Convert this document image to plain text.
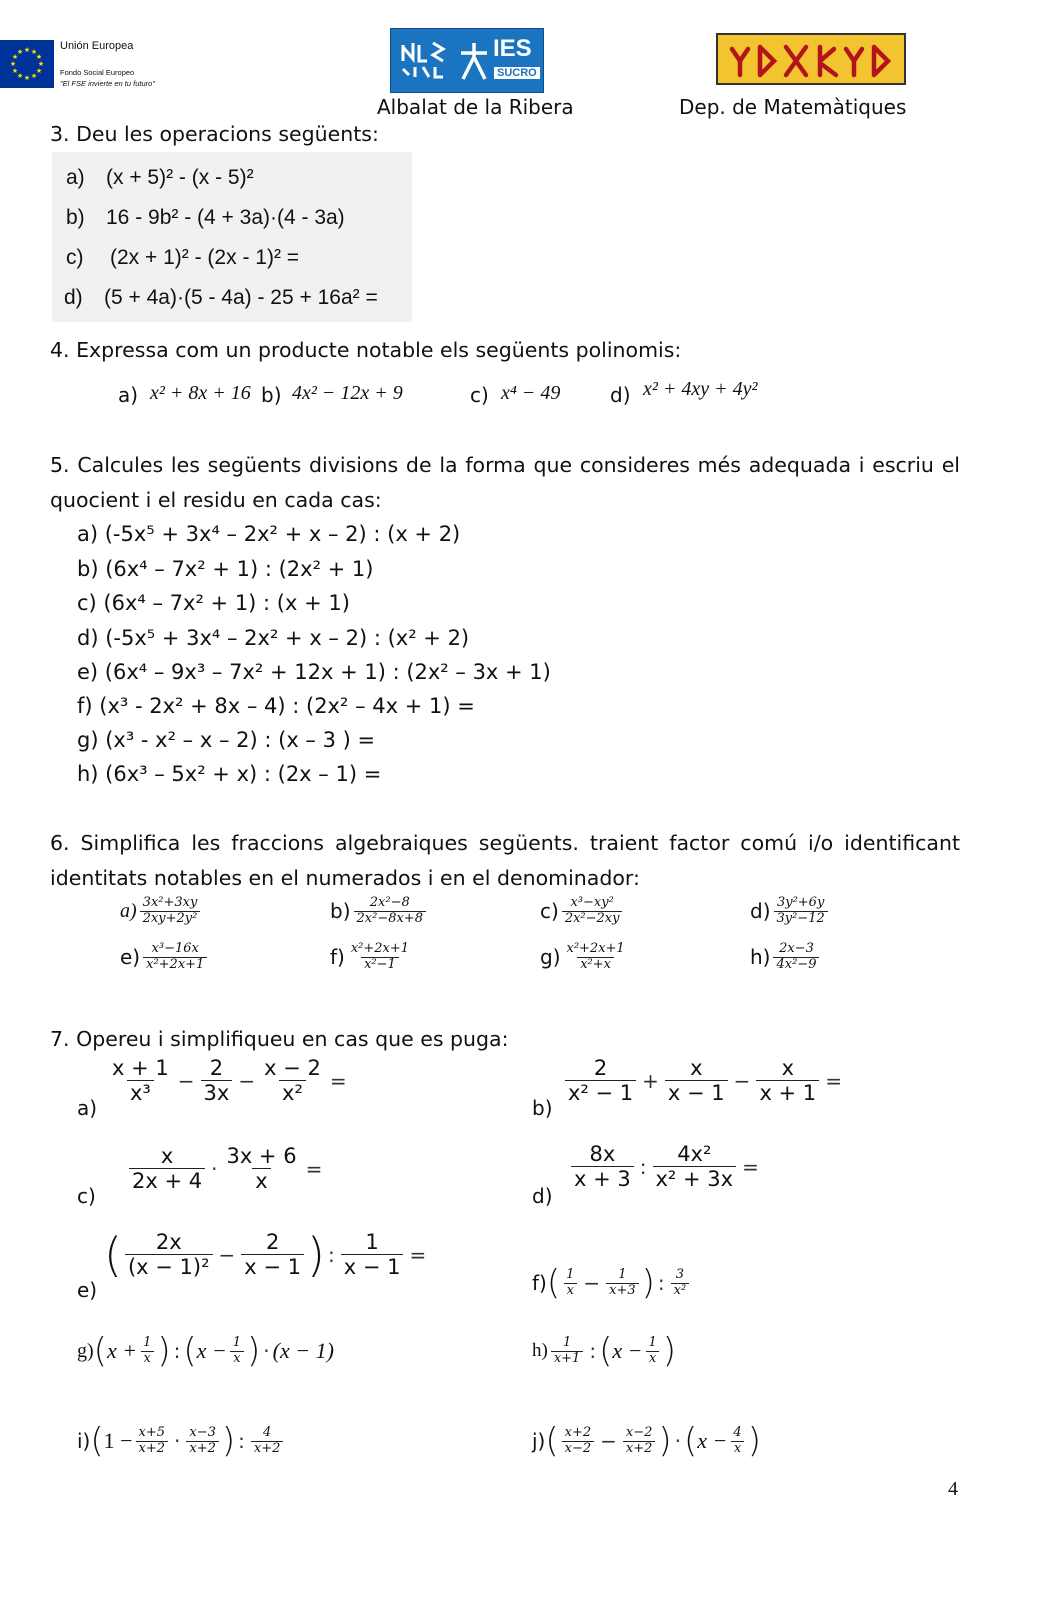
★ ★
★
★
★
★
★
★
★
★
★
★	Unión Europea
Fondo Social Europeo
"El FSE invierte en tu futuro"
IES
SUCRO
Albalat de la Ribera	Dep. de Matemàtiques
3. Deu les operacions següents:
a) (x + 5)² - (x - 5)²
b) 16 - 9b² - (4 + 3a)·(4 - 3a)
c) (2x + 1)² - (2x - 1)² =
d) (5 + 4a)·(5 - 4a) - 25 + 16a² =
4. Expressa com un producte notable els següents polinomis:
a) x² + 8x + 16 b) 4x² − 12x + 9	c) x⁴ − 49 d) x² + 4xy + 4y²
5. Calcules les següents divisions de la forma que consideres més adequada i escriu el
quocient i el residu en cada cas:
a) (-5x⁵ + 3x⁴ – 2x² + x – 2) : (x + 2)
b) (6x⁴ – 7x² + 1) : (2x² + 1)
c) (6x⁴ – 7x² + 1) : (x + 1)
d) (-5x⁵ + 3x⁴ – 2x² + x – 2) : (x² + 2)
e) (6x⁴ – 9x³ – 7x² + 12x + 1) : (2x² – 3x + 1)
f) (x³ - 2x² + 8x – 4) : (2x² – 4x + 1) =
g) (x³ - x² – x – 2) : (x – 3 ) =
h) (6x³ – 5x² + x) : (2x – 1) =
6. Simplifica les fraccions algebraiques següents. traient factor comú i/o identificant
identitats notables en el numerados i en el denominador:
$a) \frac{\text{3x²+3xy}}{\text{2xy+2y²}}$	$b) \frac{\text{2x²−8}}{\text{2x²−8x+8}}$	$c) \frac{\text{x³−xy²}}{\text{2x²−2xy}}$	$d) \frac{\text{3y²+6y}}{\text{3y²−12}}$
$e) \frac{\text{x³−16x}}{\text{x²+2x+1}}$	$f) \frac{\text{x²+2x+1}}{\text{x²−1}}$	$g) \frac{\text{x²+2x+1}}{\text{x²+x}}$	$h) \frac{2x-3}{\text{4x²−9}}$
7. Opereu i simplifiqueu en cas que es puga:
a)
$\frac{x + 1}{\text{x³}} - \frac{2}{3x} - \frac{x - 2}{\text{x²}}$ =
b)
$\frac{2}{\text{x² − 1}} + \frac{x}{x - 1} - \frac{x}{x + 1}$ =
c)
$\frac{x}{2x + 4} \cdot \frac{3x + 6}{x}$ =
d)
$\frac{8x}{x + 3}$ : $\frac{\text{4x²}}{\text{x² + 3x}}$ =
e)
( $\frac{2x}{\text{(x − 1)²}} - \frac{2}{x - 1}$ ) : $\frac{1}{x - 1}$ =
f) ( $\frac{1}{x} - \frac{1}{x+3}$ ) : $\frac{3}{\text{x²}}$
g) ( $x + \frac{1}{x}$ ) : ( $x - \frac{1}{x}$ ) · (x − 1)	$h) \frac{1}{x+1}$ : ( $x - \frac{1}{x}$ )
i) ( $1 - \frac{x+5}{x+2} \cdot \frac{x-3}{x+2}$ ) : $\frac{4}{x+2}$	j) ( $\frac{x+2}{x-2} - \frac{x-2}{x+2}$ ) · ( $x - \frac{4}{x}$ )
4
